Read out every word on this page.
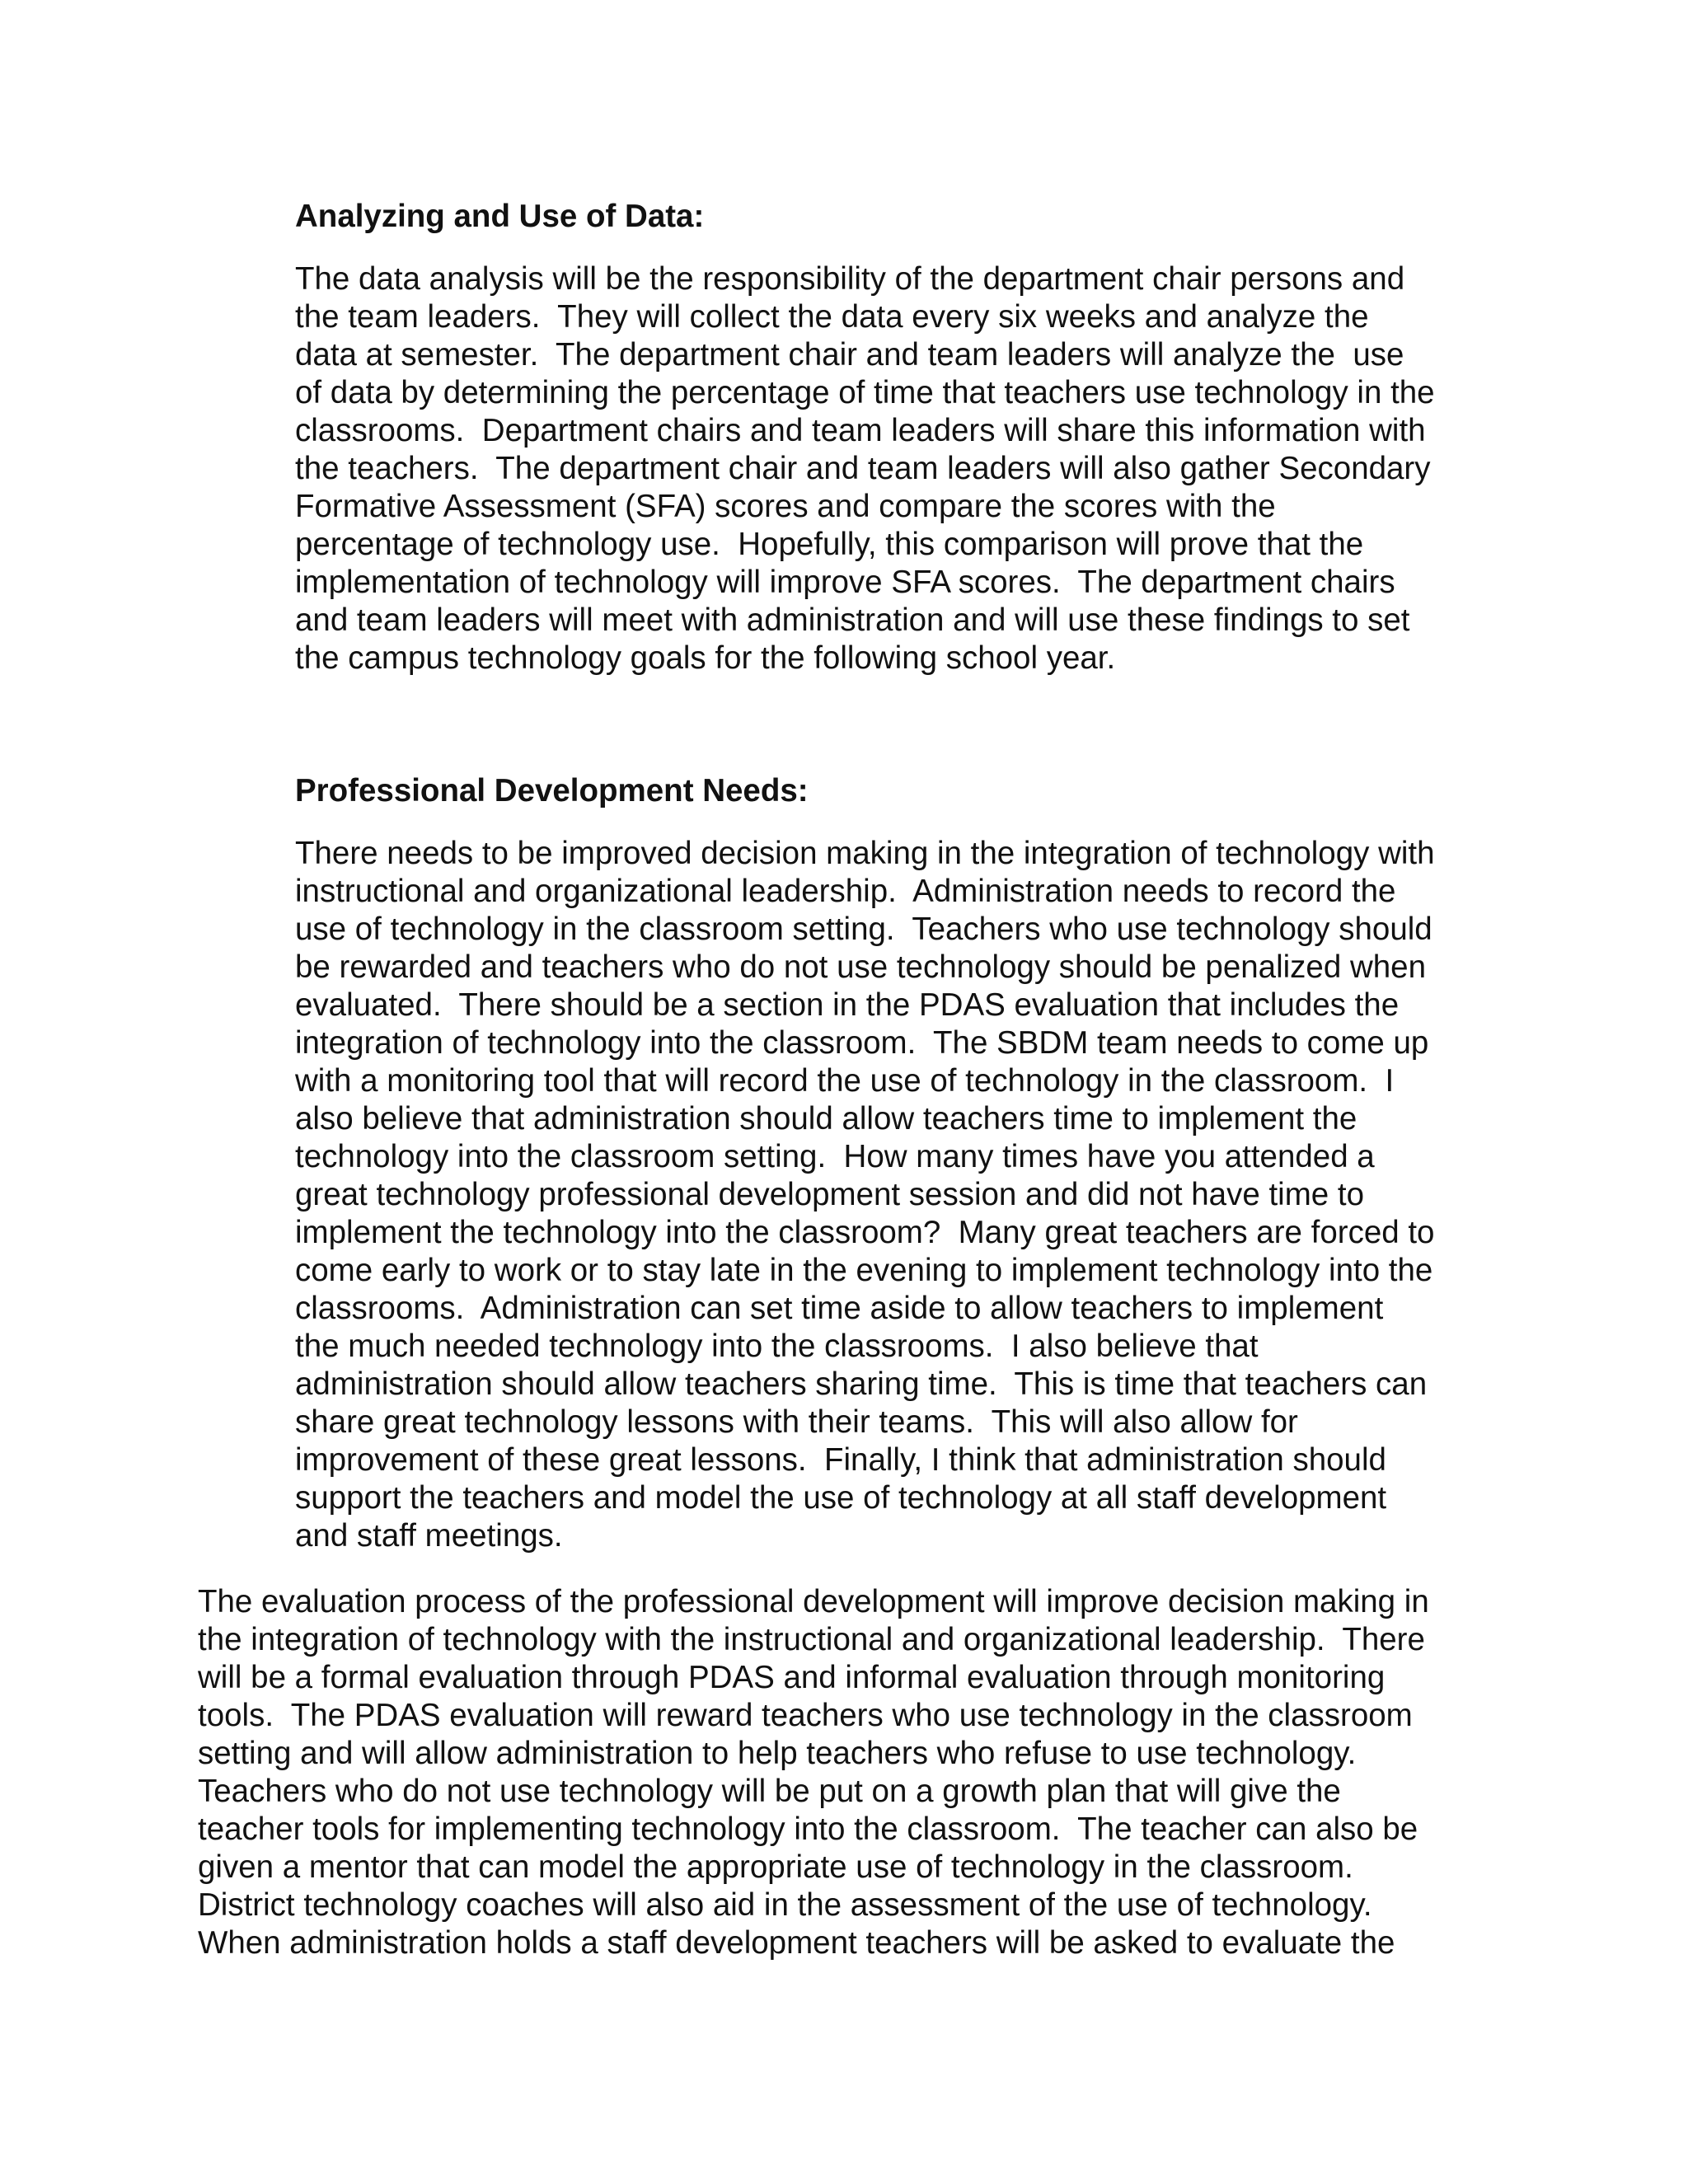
Analyzing and Use of Data:
The data analysis will be the responsibility of the department chair persons and
the team leaders.  They will collect the data every six weeks and analyze the
data at semester.  The department chair and team leaders will analyze the  use
of data by determining the percentage of time that teachers use technology in the
classrooms.  Department chairs and team leaders will share this information with
the teachers.  The department chair and team leaders will also gather Secondary
Formative Assessment (SFA) scores and compare the scores with the
percentage of technology use.  Hopefully, this comparison will prove that the
implementation of technology will improve SFA scores.  The department chairs
and team leaders will meet with administration and will use these findings to set
the campus technology goals for the following school year.
Professional Development Needs:
There needs to be improved decision making in the integration of technology with
instructional and organizational leadership.  Administration needs to record the
use of technology in the classroom setting.  Teachers who use technology should
be rewarded and teachers who do not use technology should be penalized when
evaluated.  There should be a section in the PDAS evaluation that includes the
integration of technology into the classroom.  The SBDM team needs to come up
with a monitoring tool that will record the use of technology in the classroom.  I
also believe that administration should allow teachers time to implement the
technology into the classroom setting.  How many times have you attended a
great technology professional development session and did not have time to
implement the technology into the classroom?  Many great teachers are forced to
come early to work or to stay late in the evening to implement technology into the
classrooms.  Administration can set time aside to allow teachers to implement
the much needed technology into the classrooms.  I also believe that
administration should allow teachers sharing time.  This is time that teachers can
share great technology lessons with their teams.  This will also allow for
improvement of these great lessons.  Finally, I think that administration should
support the teachers and model the use of technology at all staff development
and staff meetings.
The evaluation process of the professional development will improve decision making in
the integration of technology with the instructional and organizational leadership.  There
will be a formal evaluation through PDAS and informal evaluation through monitoring
tools.  The PDAS evaluation will reward teachers who use technology in the classroom
setting and will allow administration to help teachers who refuse to use technology.
Teachers who do not use technology will be put on a growth plan that will give the
teacher tools for implementing technology into the classroom.  The teacher can also be
given a mentor that can model the appropriate use of technology in the classroom.
District technology coaches will also aid in the assessment of the use of technology.
When administration holds a staff development teachers will be asked to evaluate the
